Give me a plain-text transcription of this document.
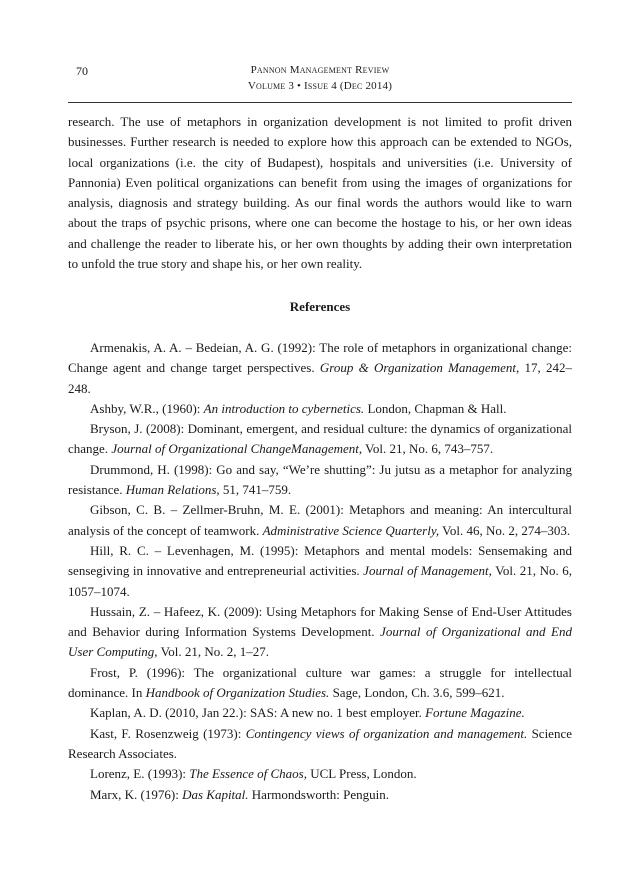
70	Pannon Management Review
Volume 3 • Issue 4 (Dec 2014)

research. The use of metaphors in organization development is not limited to profit driven businesses. Further research is needed to explore how this approach can be extended to NGOs, local organizations (i.e. the city of Budapest), hospitals and universities (i.e. University of Pannonia) Even political organizations can benefit from using the images of organizations for analysis, diagnosis and strategy building. As our final words the authors would like to warn about the traps of psychic prisons, where one can become the hostage to his, or her own ideas and challenge the reader to liberate his, or her own thoughts by adding their own interpretation to unfold the true story and shape his, or her own reality.

References
Armenakis, A. A. – Bedeian, A. G. (1992): The role of metaphors in organizational change: Change agent and change target perspectives. Group & Organization Management, 17, 242–248.
Ashby, W.R., (1960): An introduction to cybernetics. London, Chapman & Hall.
Bryson, J. (2008): Dominant, emergent, and residual culture: the dynamics of organizational change. Journal of Organizational ChangeManagement, Vol. 21, No. 6, 743–757.
Drummond, H. (1998): Go and say, “We’re shutting”: Ju jutsu as a metaphor for analyzing resistance. Human Relations, 51, 741–759.
Gibson, C. B. – Zellmer-Bruhn, M. E. (2001): Metaphors and meaning: An intercultural analysis of the concept of teamwork. Administrative Science Quarterly, Vol. 46, No. 2, 274–303.
Hill, R. C. – Levenhagen, M. (1995): Metaphors and mental models: Sensemaking and sensegiving in innovative and entrepreneurial activities. Journal of Management, Vol. 21, No. 6, 1057–1074.
Hussain, Z. – Hafeez, K. (2009): Using Metaphors for Making Sense of End-User Attitudes and Behavior during Information Systems Development. Journal of Organizational and End User Computing, Vol. 21, No. 2, 1–27.
Frost, P. (1996): The organizational culture war games: a struggle for intellectual dominance. In Handbook of Organization Studies. Sage, London, Ch. 3.6, 599–621.
Kaplan, A. D. (2010, Jan 22.): SAS: A new no. 1 best employer. Fortune Magazine.
Kast, F. Rosenzweig (1973): Contingency views of organization and management. Science Research Associates.
Lorenz, E. (1993): The Essence of Chaos, UCL Press, London.
Marx, K. (1976): Das Kapital. Harmondsworth: Penguin.
